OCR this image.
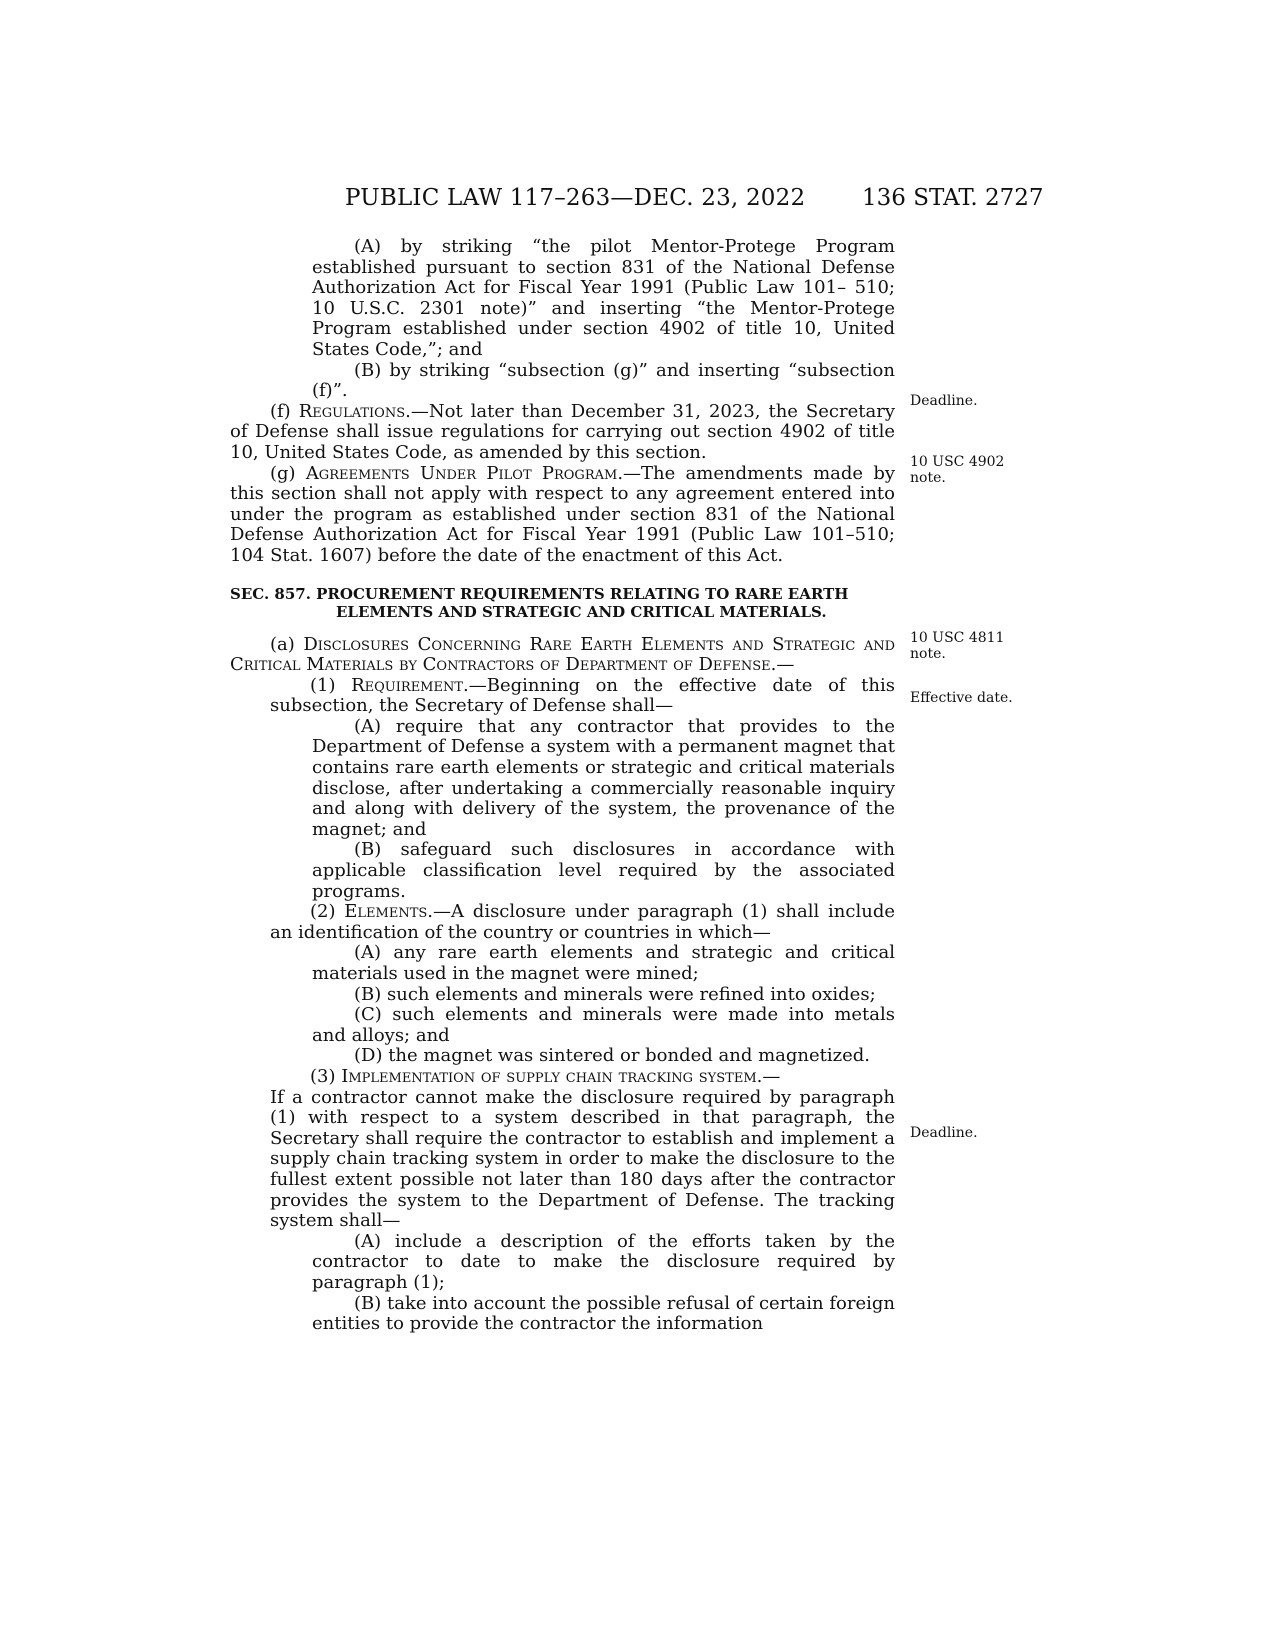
PUBLIC LAW 117–263—DEC. 23, 2022 136 STAT. 2727

(A) by striking “the pilot Mentor-Protege Program established pursuant to section 831 of the National Defense Authorization Act for Fiscal Year 1991 (Public Law 101– 510; 10 U.S.C. 2301 note)” and inserting “the Mentor-Protege Program established under section 4902 of title 10, United States Code,”; and

(B) by striking “subsection (g)” and inserting “subsection (f)”.

(f) Regulations.—Not later than December 31, 2023, the Secretary of Defense shall issue regulations for carrying out section 4902 of title 10, United States Code, as amended by this section.

(g) Agreements Under Pilot Program.—The amendments made by this section shall not apply with respect to any agreement entered into under the program as established under section 831 of the National Defense Authorization Act for Fiscal Year 1991 (Public Law 101–510; 104 Stat. 1607) before the date of the enactment of this Act.

SEC. 857. PROCUREMENT REQUIREMENTS RELATING TO RARE EARTH
ELEMENTS AND STRATEGIC AND CRITICAL MATERIALS.

(a) Disclosures Concerning Rare Earth Elements and Strategic and Critical Materials by Contractors of Department of Defense.—

(1) Requirement.—Beginning on the effective date of this subsection, the Secretary of Defense shall—

(A) require that any contractor that provides to the Department of Defense a system with a permanent magnet that contains rare earth elements or strategic and critical materials disclose, after undertaking a commercially reasonable inquiry and along with delivery of the system, the provenance of the magnet; and

(B) safeguard such disclosures in accordance with applicable classification level required by the associated programs.

(2) Elements.—A disclosure under paragraph (1) shall include an identification of the country or countries in which—

(A) any rare earth elements and strategic and critical materials used in the magnet were mined;

(B) such elements and minerals were refined into oxides;

(C) such elements and minerals were made into metals and alloys; and

(D) the magnet was sintered or bonded and magnetized.

(3) Implementation of supply chain tracking system.—

If a contractor cannot make the disclosure required by paragraph (1) with respect to a system described in that paragraph, the Secretary shall require the contractor to establish and implement a supply chain tracking system in order to make the disclosure to the fullest extent possible not later than 180 days after the contractor provides the system to the Department of Defense. The tracking system shall—

(A) include a description of the efforts taken by the contractor to date to make the disclosure required by paragraph (1);

(B) take into account the possible refusal of certain foreign entities to provide the contractor the information

Deadline.
10 USC 4902
note.
10 USC 4811
note.
Effective date.
Deadline.
